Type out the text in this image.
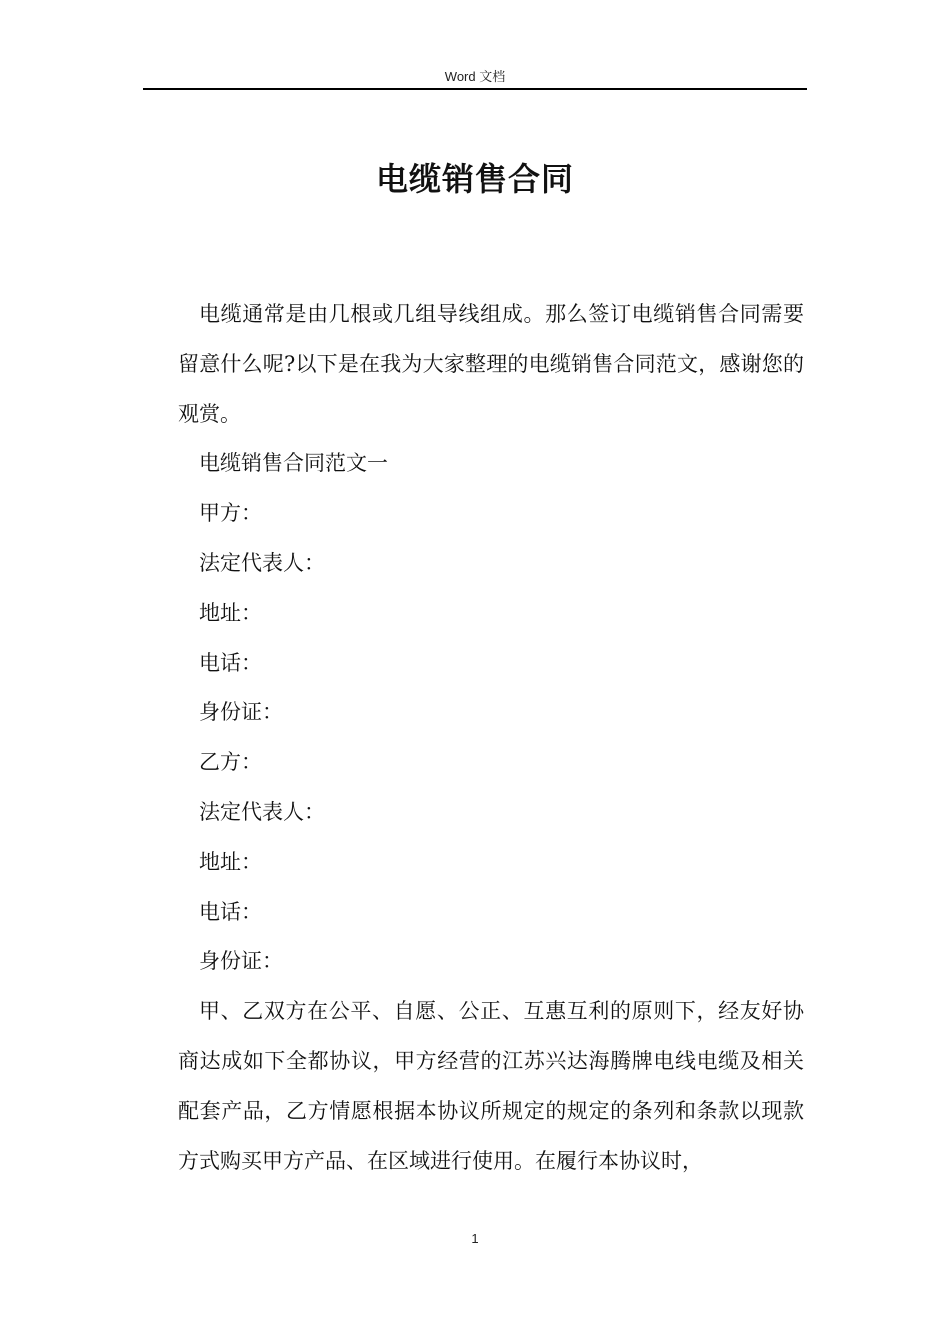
Word 文档
电缆销售合同

电缆通常是由几根或几组导线组成。那么签订电缆销售合同需要留意什么呢?以下是在我为大家整理的电缆销售合同范文，感谢您的观赏。

电缆销售合同范文一

甲方：

法定代表人：

地址：

电话：

身份证：

乙方：

法定代表人：

地址：

电话：

身份证：

甲、乙双方在公平、自愿、公正、互惠互利的原则下，经友好协商达成如下全都协议，甲方经营的江苏兴达海腾牌电线电缆及相关配套产品，乙方情愿根据本协议所规定的规定的条列和条款以现款方式购买甲方产品、在区域进行使用。在履行本协议时，

1
